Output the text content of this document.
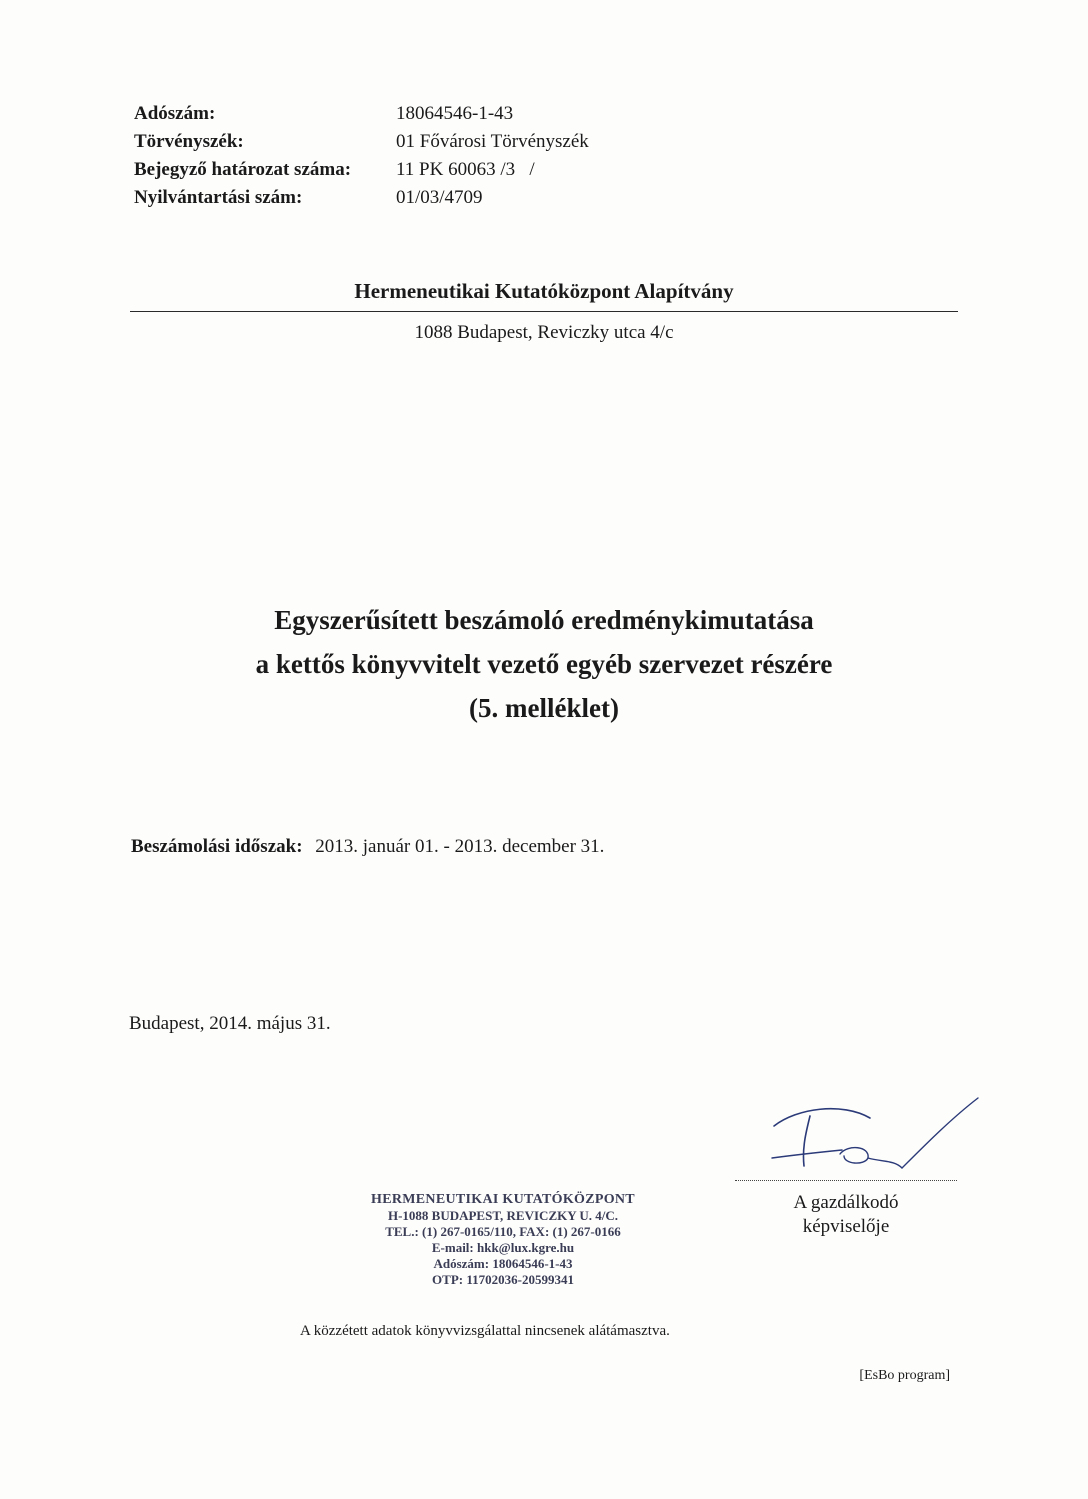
Adószám:	18064546-1-43
Törvényszék:	01 Fővárosi Törvényszék
Bejegyző határozat száma:	11 PK 60063 /3   /
Nyilvántartási szám:	01/03/4709
Hermeneutikai Kutatóközpont Alapítvány
1088 Budapest, Reviczky utca 4/c
Egyszerűsített beszámoló eredménykimutatása
a kettős könyvvitelt vezető egyéb szervezet részére
(5. melléklet)
Beszámolási időszak: 2013. január 01. - 2013. december 31.
Budapest, 2014. május 31.
A gazdálkodó
képviselője
HERMENEUTIKAI KUTATÓKÖZPONT
H-1088 BUDAPEST, REVICZKY U. 4/C.
TEL.: (1) 267-0165/110, FAX: (1) 267-0166
E-mail: hkk@lux.kgre.hu
Adószám: 18064546-1-43
OTP: 11702036-20599341
A közzétett adatok könyvvizsgálattal nincsenek alátámasztva.
[EsBo program]
